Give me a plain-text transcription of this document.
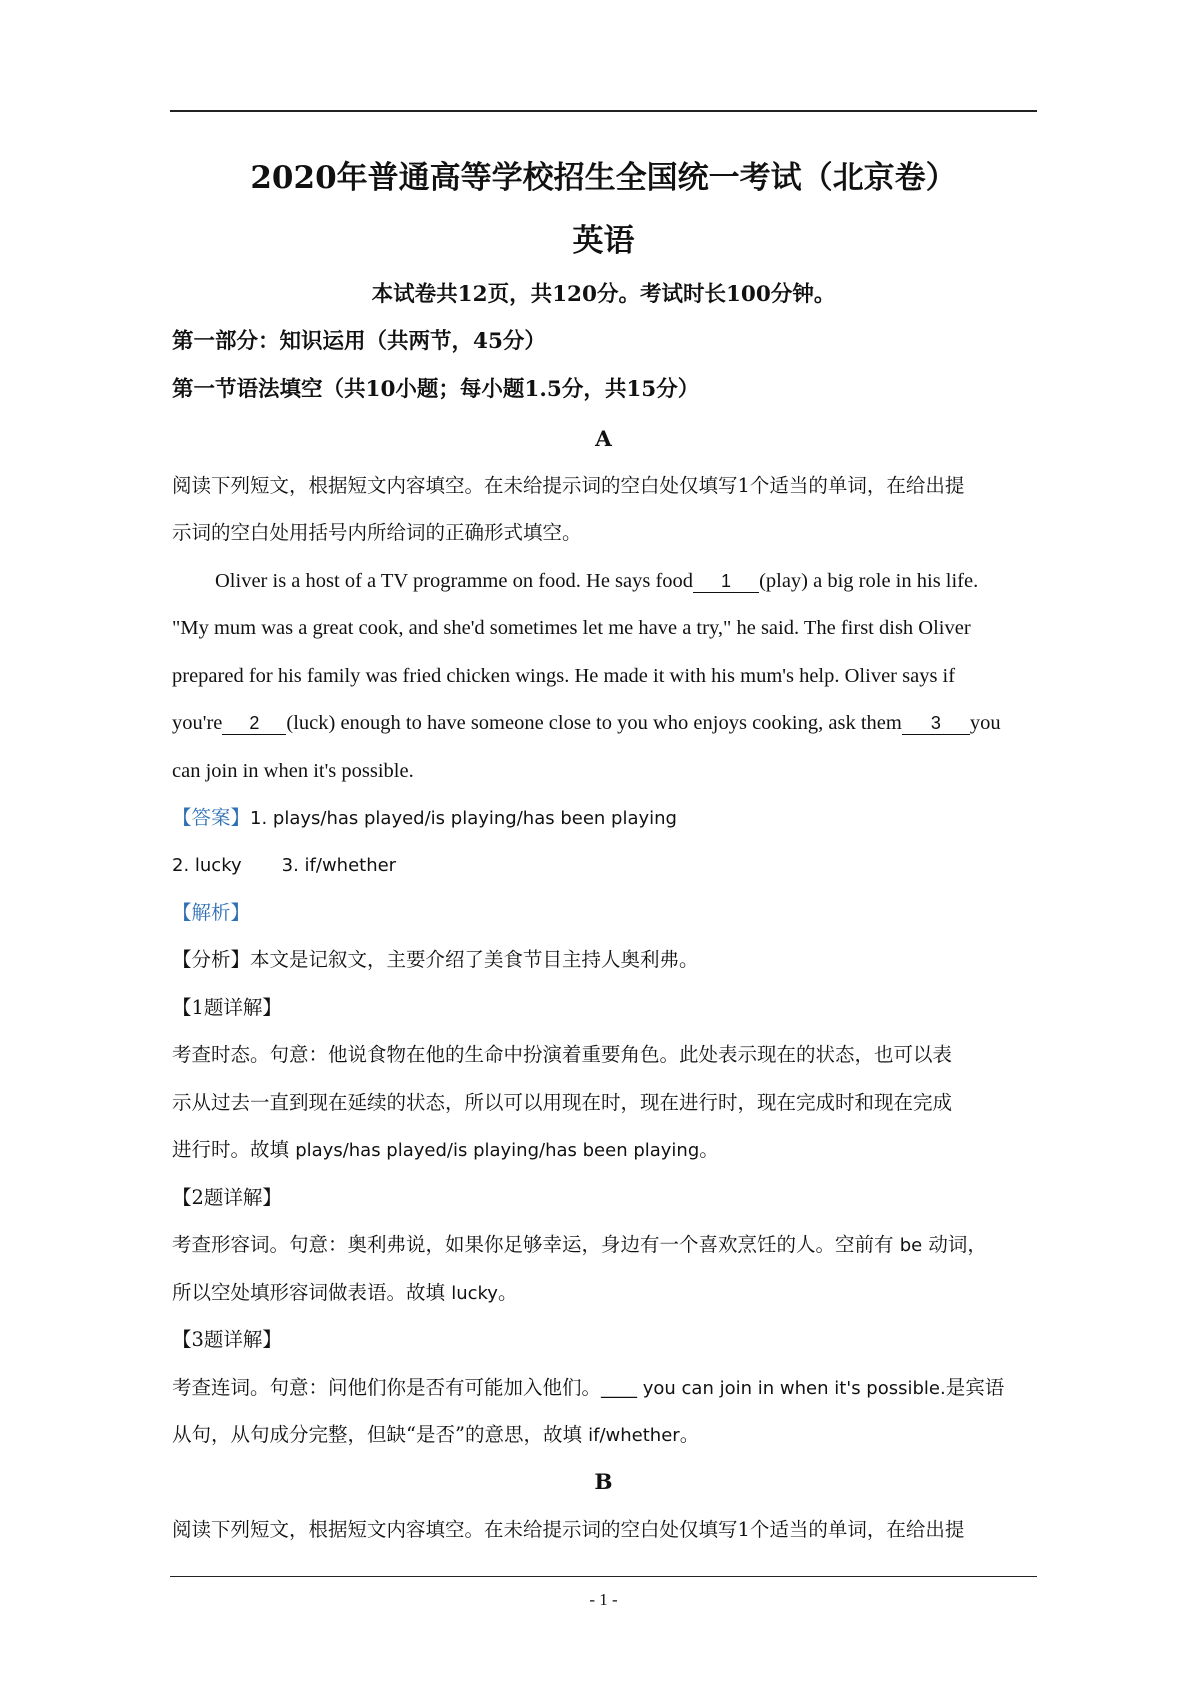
2020年普通高等学校招生全国统一考试（北京卷）
英语
本试卷共12页，共120分。考试时长100分钟。
第一部分：知识运用（共两节，45分）
第一节语法填空（共10小题；每小题1.5分，共15分）
A
阅读下列短文，根据短文内容填空。在未给提示词的空白处仅填写1个适当的单词，在给出提
示词的空白处用括号内所给词的正确形式填空。
Oliver is a host of a TV programme on food. He says food 1 (play) a big role in his life.
"My mum was a great cook, and she'd sometimes let me have a try," he said. The first dish Oliver
prepared for his family was fried chicken wings. He made it with his mum's help. Oliver says if
you're 2 (luck) enough to have someone close to you who enjoys cooking, ask them 3 you
can join in when it's possible.
【答案】1. plays/has played/is playing/has been playing
2. lucky 3. if/whether
【解析】
【分析】本文是记叙文，主要介绍了美食节目主持人奥利弗。
【1题详解】
考查时态。句意：他说食物在他的生命中扮演着重要角色。此处表示现在的状态，也可以表
示从过去一直到现在延续的状态，所以可以用现在时，现在进行时，现在完成时和现在完成
进行时。故填 plays/has played/is playing/has been playing。
【2题详解】
考查形容词。句意：奥利弗说，如果你足够幸运，身边有一个喜欢烹饪的人。空前有 be 动词，
所以空处填形容词做表语。故填 lucky。
【3题详解】
考查连词。句意：问他们你是否有可能加入他们。____ you can join in when it's possible.是宾语
从句，从句成分完整，但缺“是否”的意思，故填 if/whether。
B
阅读下列短文，根据短文内容填空。在未给提示词的空白处仅填写1个适当的单词，在给出提
- 1 -
